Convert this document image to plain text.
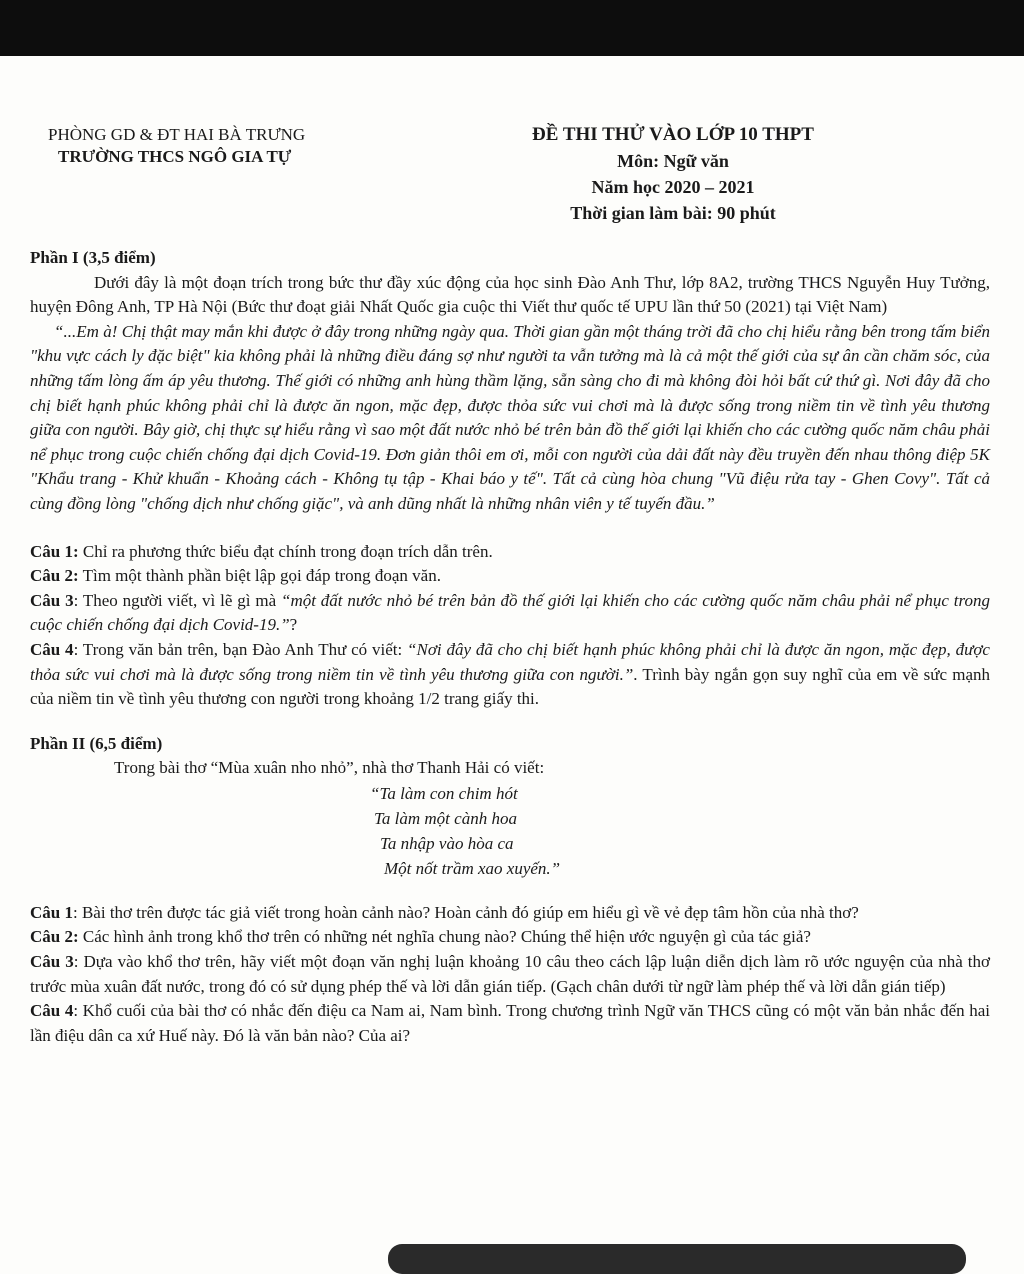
PHÒNG GD & ĐT HAI BÀ TRƯNG
TRƯỜNG THCS NGÔ GIA TỰ
ĐỀ THI THỬ VÀO LỚP 10 THPT
Môn: Ngữ văn
Năm học 2020 – 2021
Thời gian làm bài: 90 phút

Phần I (3,5 điểm)

Dưới đây là một đoạn trích trong bức thư đầy xúc động của học sinh Đào Anh Thư, lớp 8A2, trường THCS Nguyễn Huy Tưởng, huyện Đông Anh, TP Hà Nội (Bức thư đoạt giải Nhất Quốc gia cuộc thi Viết thư quốc tế UPU lần thứ 50 (2021) tại Việt Nam)

“...Em à! Chị thật may mắn khi được ở đây trong những ngày qua. Thời gian gần một tháng trời đã cho chị hiểu rằng bên trong tấm biển "khu vực cách ly đặc biệt" kia không phải là những điều đáng sợ như người ta vẫn tưởng mà là cả một thế giới của sự ân cần chăm sóc, của những tấm lòng ấm áp yêu thương. Thế giới có những anh hùng thầm lặng, sẵn sàng cho đi mà không đòi hỏi bất cứ thứ gì. Nơi đây đã cho chị biết hạnh phúc không phải chỉ là được ăn ngon, mặc đẹp, được thỏa sức vui chơi mà là được sống trong niềm tin về tình yêu thương giữa con người. Bây giờ, chị thực sự hiểu rằng vì sao một đất nước nhỏ bé trên bản đồ thế giới lại khiến cho các cường quốc năm châu phải nể phục trong cuộc chiến chống đại dịch Covid-19. Đơn giản thôi em ơi, mỗi con người của dải đất này đều truyền đến nhau thông điệp 5K "Khẩu trang - Khử khuẩn - Khoảng cách - Không tụ tập - Khai báo y tế". Tất cả cùng hòa chung "Vũ điệu rửa tay - Ghen Covy". Tất cả cùng đồng lòng "chống dịch như chống giặc", và anh dũng nhất là những nhân viên y tế tuyến đầu.”

Câu 1: Chỉ ra phương thức biểu đạt chính trong đoạn trích dẫn trên.

Câu 2: Tìm một thành phần biệt lập gọi đáp trong đoạn văn.

Câu 3: Theo người viết, vì lẽ gì mà “một đất nước nhỏ bé trên bản đồ thế giới lại khiến cho các cường quốc năm châu phải nể phục trong cuộc chiến chống đại dịch Covid-19.”?

Câu 4: Trong văn bản trên, bạn Đào Anh Thư có viết: “Nơi đây đã cho chị biết hạnh phúc không phải chỉ là được ăn ngon, mặc đẹp, được thỏa sức vui chơi mà là được sống trong niềm tin về tình yêu thương giữa con người.”. Trình bày ngắn gọn suy nghĩ của em về sức mạnh của niềm tin về tình yêu thương con người trong khoảng 1/2 trang giấy thi.

Phần II (6,5 điểm)

Trong bài thơ “Mùa xuân nho nhỏ”, nhà thơ Thanh Hải có viết:

“Ta làm con chim hót
Ta làm một cành hoa
Ta nhập vào hòa ca
Một nốt trầm xao xuyến.”

Câu 1: Bài thơ trên được tác giả viết trong hoàn cảnh nào? Hoàn cảnh đó giúp em hiểu gì về vẻ đẹp tâm hồn của nhà thơ?

Câu 2: Các hình ảnh trong khổ thơ trên có những nét nghĩa chung nào? Chúng thể hiện ước nguyện gì của tác giả?

Câu 3: Dựa vào khổ thơ trên, hãy viết một đoạn văn nghị luận khoảng 10 câu theo cách lập luận diễn dịch làm rõ ước nguyện của nhà thơ trước mùa xuân đất nước, trong đó có sử dụng phép thế và lời dẫn gián tiếp. (Gạch chân dưới từ ngữ làm phép thế và lời dẫn gián tiếp)

Câu 4: Khổ cuối của bài thơ có nhắc đến điệu ca Nam ai, Nam bình. Trong chương trình Ngữ văn THCS cũng có một văn bản nhắc đến hai lần điệu dân ca xứ Huế này. Đó là văn bản nào? Của ai?
